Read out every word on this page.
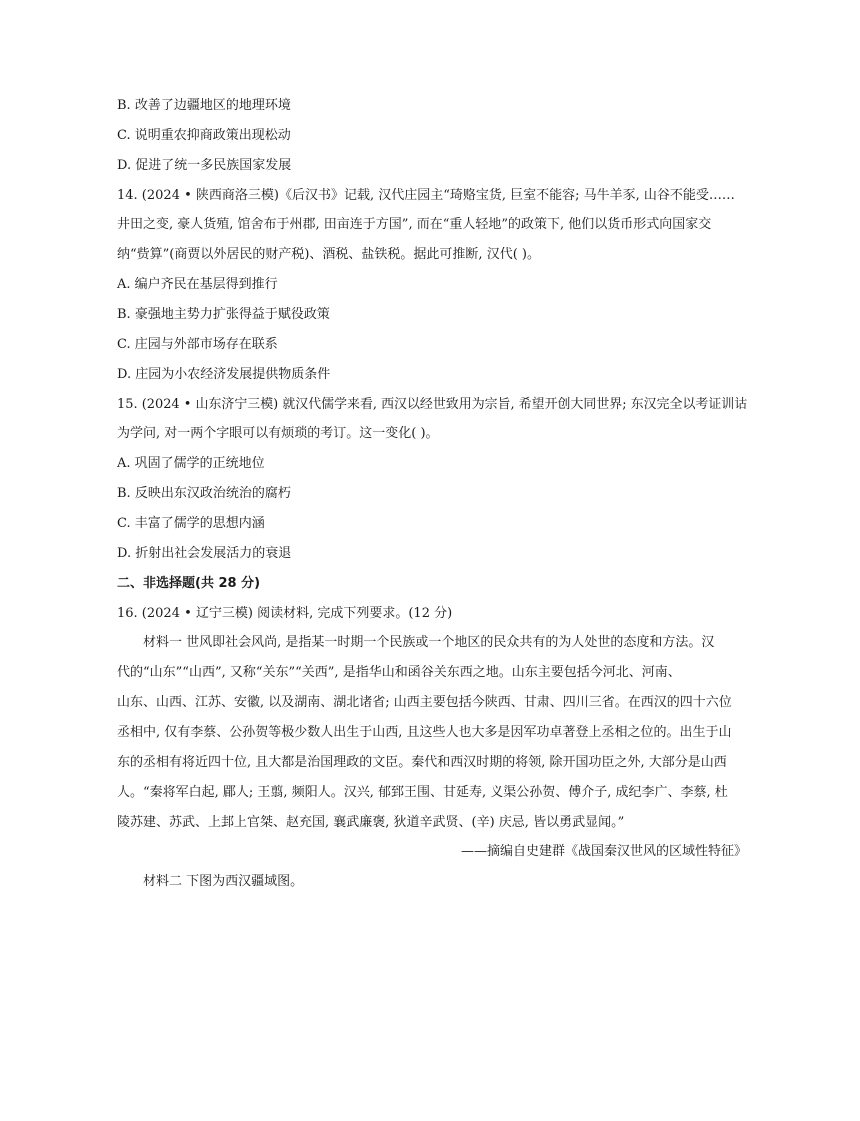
B. 改善了边疆地区的地理环境
C. 说明重农抑商政策出现松动
D. 促进了统一多民族国家发展
14. (2024 • 陕西商洛三模)《后汉书》记载, 汉代庄园主“琦赂宝货, 巨室不能容; 马牛羊豕, 山谷不能受……
井田之变, 豪人货殖, 馆舍布于州郡, 田亩连于方国”, 而在“重人轻地”的政策下, 他们以货币形式向国家交
纳“赀算”(商贾以外居民的财产税)、酒税、盐铁税。据此可推断, 汉代( )。
A. 编户齐民在基层得到推行
B. 豪强地主势力扩张得益于赋役政策
C. 庄园与外部市场存在联系
D. 庄园为小农经济发展提供物质条件
15. (2024 • 山东济宁三模) 就汉代儒学来看, 西汉以经世致用为宗旨, 希望开创大同世界; 东汉完全以考证训诂
为学问, 对一两个字眼可以有烦琐的考订。这一变化( )。
A. 巩固了儒学的正统地位
B. 反映出东汉政治统治的腐朽
C. 丰富了儒学的思想内涵
D. 折射出社会发展活力的衰退
二、非选择题(共 28 分)
16. (2024 • 辽宁三模) 阅读材料, 完成下列要求。(12 分)
材料一 世风即社会风尚, 是指某一时期一个民族或一个地区的民众共有的为人处世的态度和方法。汉
代的“山东”“山西”, 又称“关东”“关西”, 是指华山和函谷关东西之地。山东主要包括今河北、河南、
山东、山西、江苏、安徽, 以及湖南、湖北诸省; 山西主要包括今陕西、甘肃、四川三省。在西汉的四十六位
丞相中, 仅有李蔡、公孙贺等极少数人出生于山西, 且这些人也大多是因军功卓著登上丞相之位的。出生于山
东的丞相有将近四十位, 且大都是治国理政的文臣。秦代和西汉时期的将领, 除开国功臣之外, 大部分是山西
人。“秦将军白起, 郿人; 王翦, 频阳人。汉兴, 郁郅王围、甘延寿, 义渠公孙贺、傅介子, 成纪李广、李蔡, 杜
陵苏建、苏武、上邽上官桀、赵充国, 襄武廉褒, 狄道辛武贤、(辛) 庆忌, 皆以勇武显闻。”
——摘编自史建群《战国秦汉世风的区域性特征》
材料二 下图为西汉疆域图。
